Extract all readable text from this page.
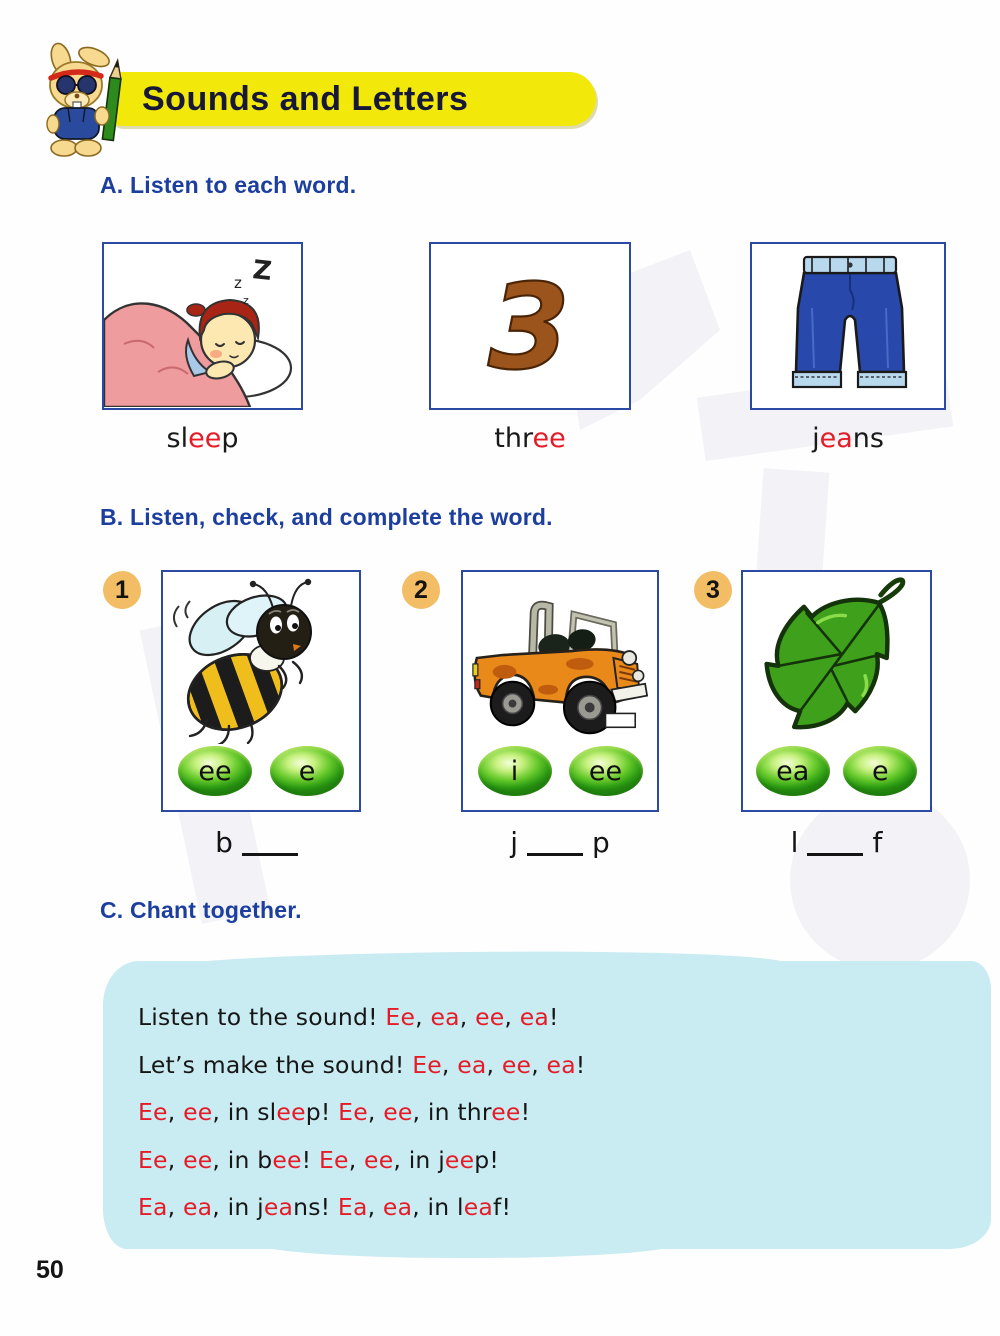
Sounds and Letters
A. Listen to each word.
Z
z
z 3
sleep	three	jeans
B. Listen, check, and complete the word.
1	2	3
ee	e	i	ee	ea	e
b	j	p	l	f
C. Chant together.

Listen to the sound! Ee, ea, ee, ea!

Let’s make the sound! Ee, ea, ee, ea!

Ee, ee, in sleep! Ee, ee, in three!

Ee, ee, in bee! Ee, ee, in jeep!

Ea, ea, in jeans! Ea, ea, in leaf!

50
